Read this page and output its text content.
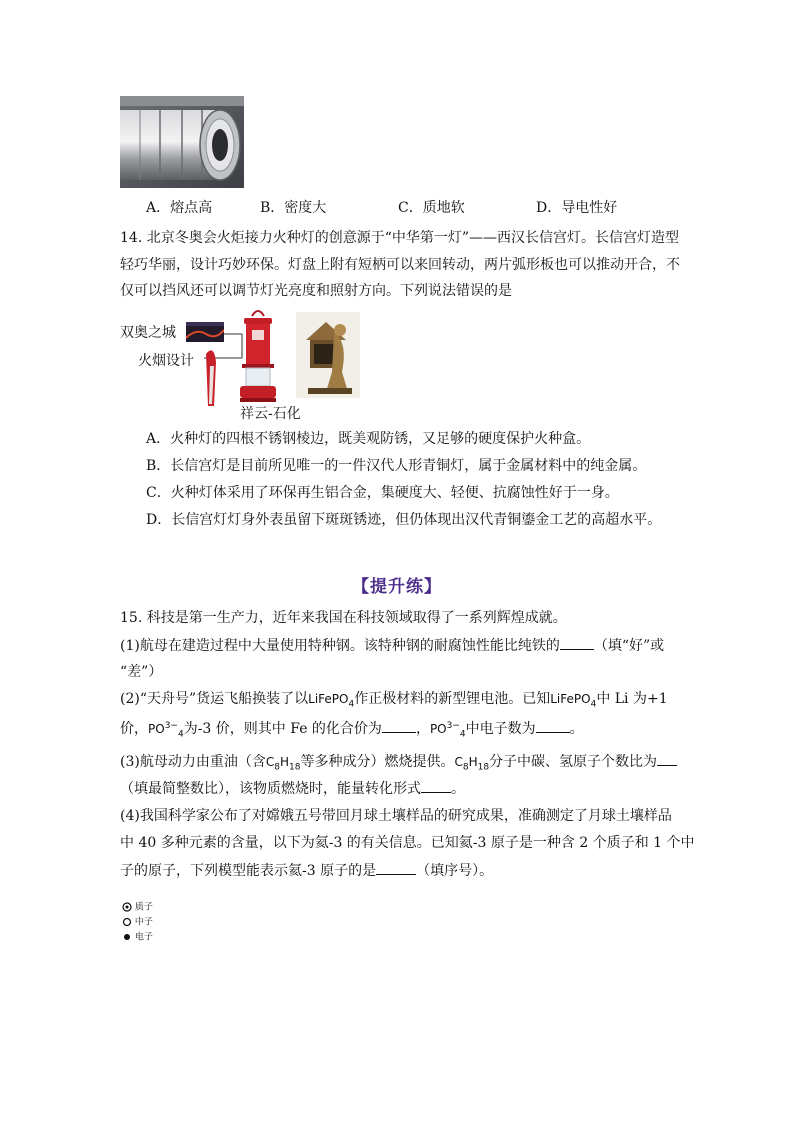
A．熔点高	B．密度大	C．质地软	D．导电性好
14. 北京冬奥会火炬接力火种灯的创意源于“中华第一灯”——西汉长信宫灯。长信宫灯造型
轻巧华丽，设计巧妙环保。灯盘上附有短柄可以来回转动，两片弧形板也可以推动开合，不
仅可以挡风还可以调节灯光亮度和照射方向。下列说法错误的是
双奥之城
火烟设计
祥云-石化
A．火种灯的四根不锈钢棱边，既美观防锈，又足够的硬度保护火种盒。
B．长信宫灯是目前所见唯一的一件汉代人形青铜灯，属于金属材料中的纯金属。
C．火种灯体采用了环保再生铝合金，集硬度大、轻便、抗腐蚀性好于一身。
D．长信宫灯灯身外表虽留下斑斑锈迹，但仍体现出汉代青铜鎏金工艺的高超水平。
【提升练】
15. 科技是第一生产力，近年来我国在科技领域取得了一系列辉煌成就。
(1)航母在建造过程中大量使用特种钢。该特种钢的耐腐蚀性能比纯铁的 （填“好”或
“差”）
(2)“天舟号”货运飞船换装了以LiFePO$_4$作正极材料的新型锂电池。已知LiFePO$_4$中 Li 为+1
价，$PO^{3-}_4$为-3 价，则其中 Fe 的化合价为 ，$PO^{3-}_4$中电子数为 。
(3)航母动力由重油（含$C_8H_{18}$等多种成分）燃烧提供。$C_8H_{18}$分子中碳、氢原子个数比为
（填最简整数比），该物质燃烧时，能量转化形式 。
(4)我国科学家公布了对嫦娥五号带回月球土壤样品的研究成果，准确测定了月球土壤样品
中 40 多种元素的含量，以下为氦-3 的有关信息。已知氦-3 原子是一种含 2 个质子和 1 个中
子的原子，下列模型能表示氦-3 原子的是	（填序号）。
质子
中子
电子
